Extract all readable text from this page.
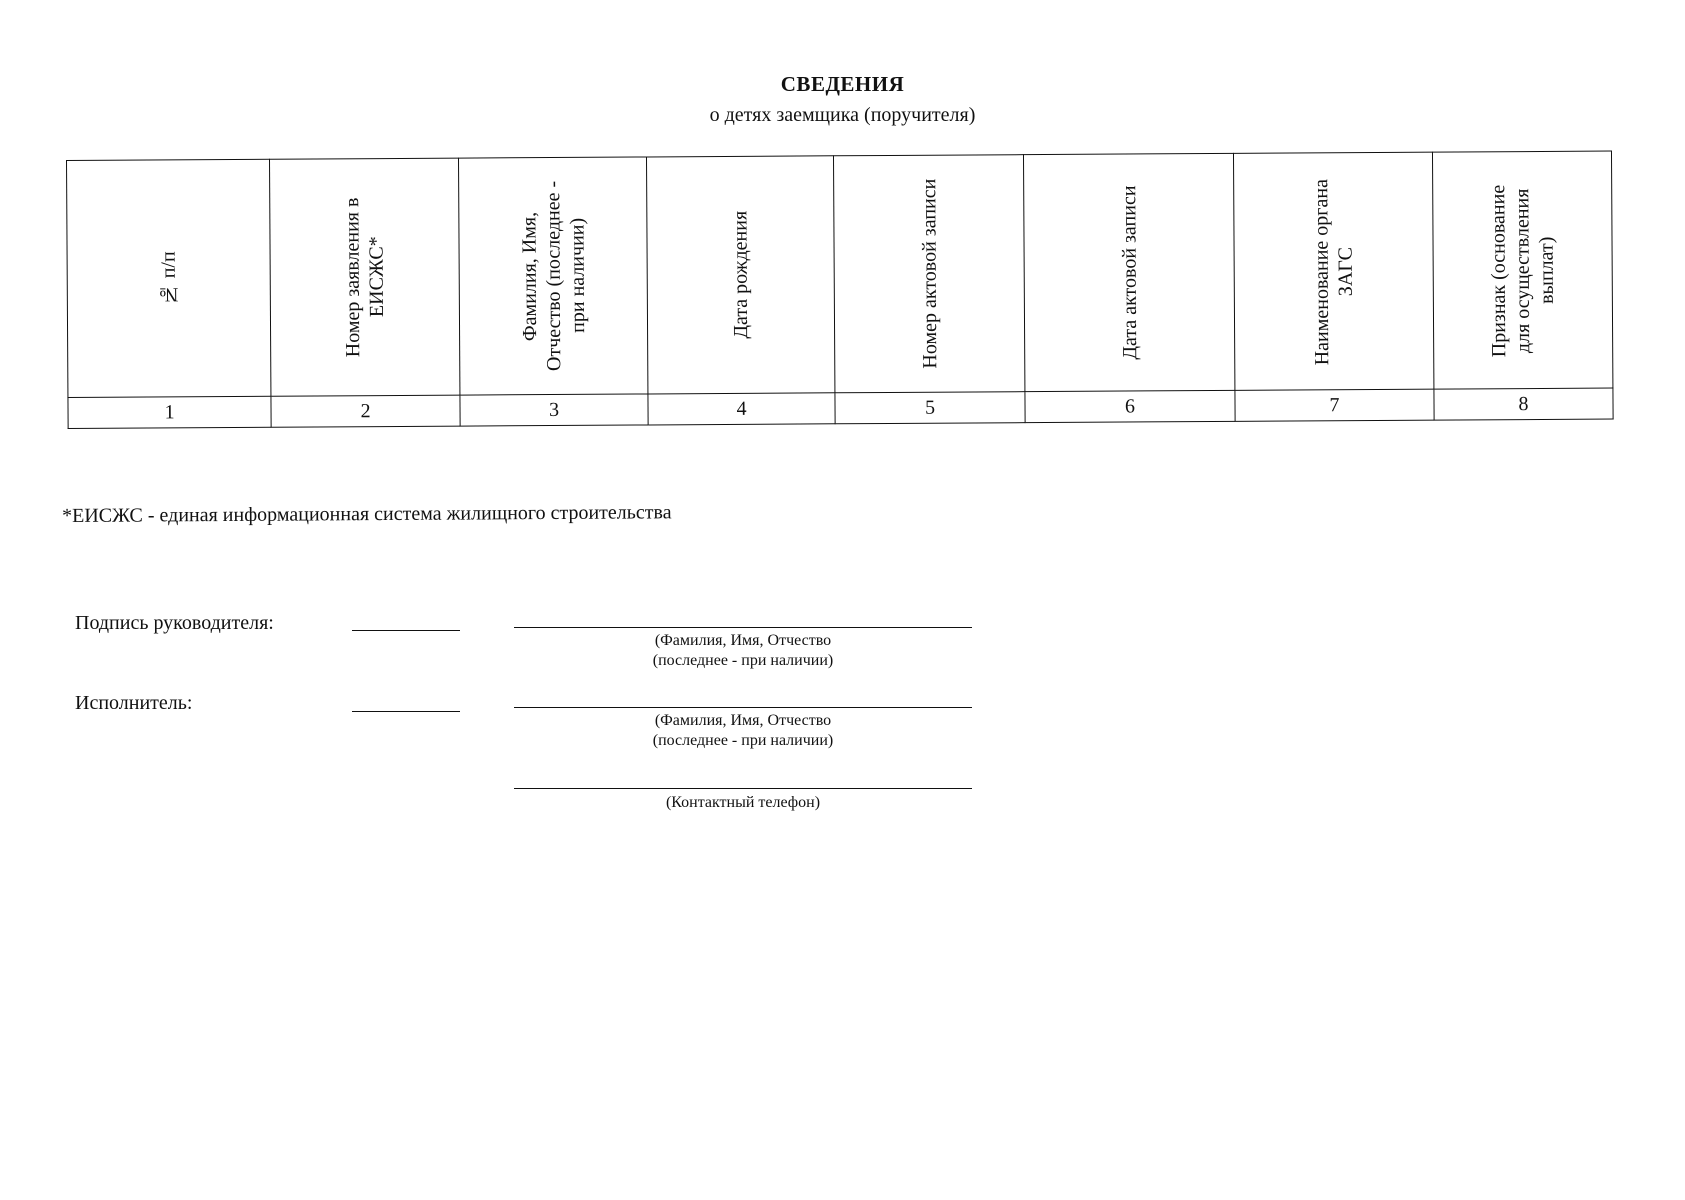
СВЕДЕНИЯ
о детях заемщика (поручителя)
№ п/п	Номер заявления в ЕИСЖС*	Фамилия, Имя, Отчество (последнее - при наличии)	Дата рождения	Номер актовой записи	Дата актовой записи	Наименование органа ЗАГС	Признак (основание для осуществления выплат)

1	2	3	4	5	6	7	8
*ЕИСЖС - единая информационная система жилищного строительства
Подпись руководителя:
(Фамилия, Имя, Отчество
(последнее - при наличии)
Исполнитель:
(Фамилия, Имя, Отчество
(последнее - при наличии)
(Контактный телефон)
